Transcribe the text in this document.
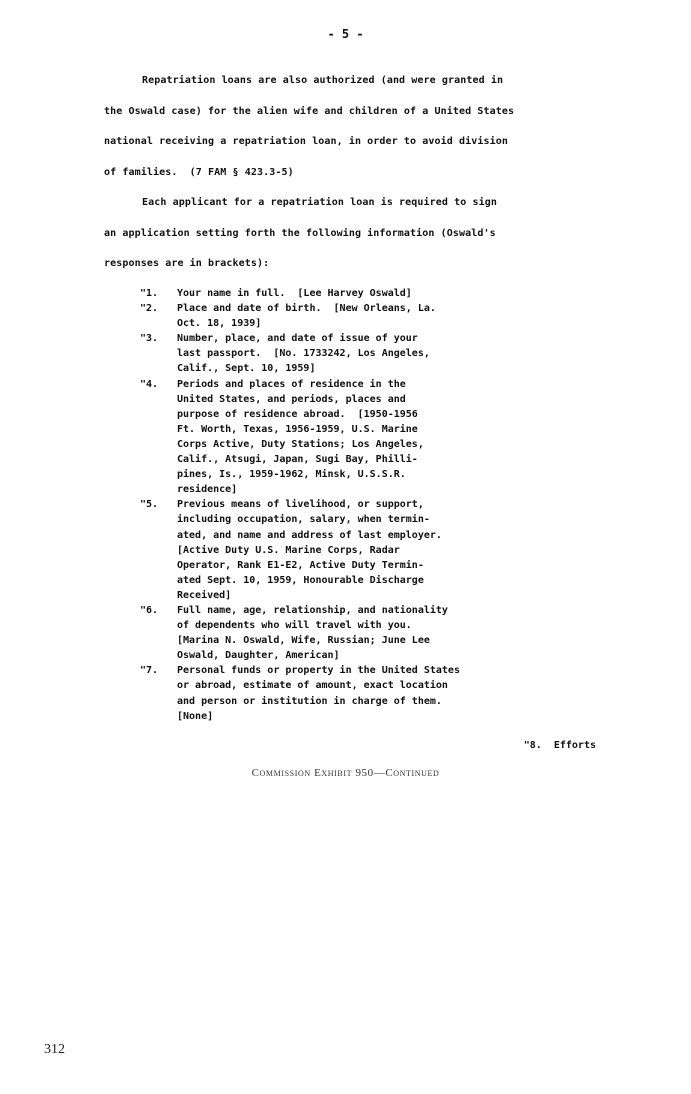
- 5 -
Repatriation loans are also authorized (and were granted in
the Oswald case) for the alien wife and children of a United States
national receiving a repatriation loan, in order to avoid division
of families.  (7 FAM § 423.3-5)
Each applicant for a repatriation loan is required to sign
an application setting forth the following information (Oswald's
responses are in brackets):
"1.	Your name in full.  [Lee Harvey Oswald]
"2.	Place and date of birth.  [New Orleans, La.
Oct. 18, 1939]
"3.	Number, place, and date of issue of your
last passport.  [No. 1733242, Los Angeles,
Calif., Sept. 10, 1959]
"4.	Periods and places of residence in the
United States, and periods, places and
purpose of residence abroad.  [1950-1956
Ft. Worth, Texas, 1956-1959, U.S. Marine
Corps Active, Duty Stations; Los Angeles,
Calif., Atsugi, Japan, Sugi Bay, Philli-
pines, Is., 1959-1962, Minsk, U.S.S.R.
residence]
"5.	Previous means of livelihood, or support,
including occupation, salary, when termin-
ated, and name and address of last employer.
[Active Duty U.S. Marine Corps, Radar
Operator, Rank E1-E2, Active Duty Termin-
ated Sept. 10, 1959, Honourable Discharge
Received]
"6.	Full name, age, relationship, and nationality
of dependents who will travel with you.
[Marina N. Oswald, Wife, Russian; June Lee
Oswald, Daughter, American]
"7.	Personal funds or property in the United States
or abroad, estimate of amount, exact location
and person or institution in charge of them.
[None]
"8.  Efforts
Commission Exhibit 950—Continued
312
